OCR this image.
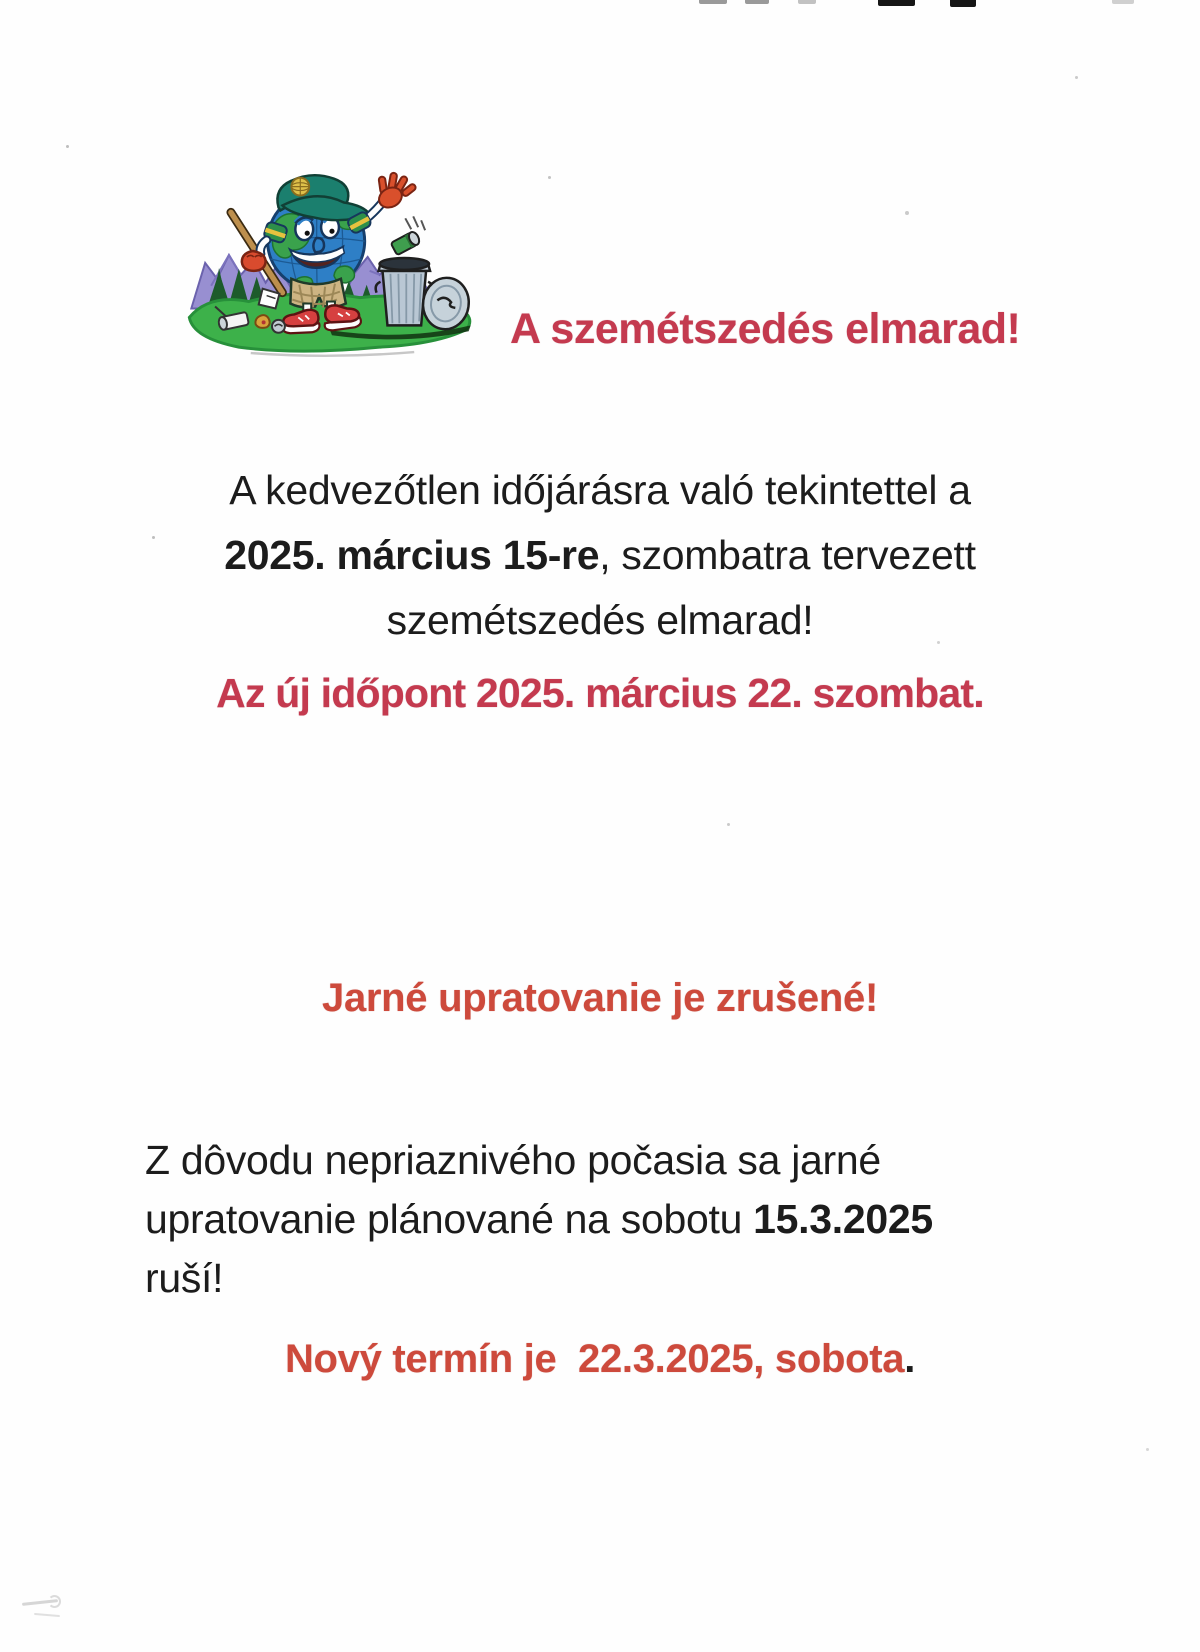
A szemétszedés elmarad!
A kedvezőtlen időjárásra való tekintettel a
2025. március 15-re, szombatra tervezett
szemétszedés elmarad!
Az új időpont 2025. március 22. szombat.
Jarné upratovanie je zrušené!
Z dôvodu nepriaznivého počasia sa jarné
upratovanie plánované na sobotu 15.3.2025
ruší!
Nový termín je  22.3.2025, sobota.
